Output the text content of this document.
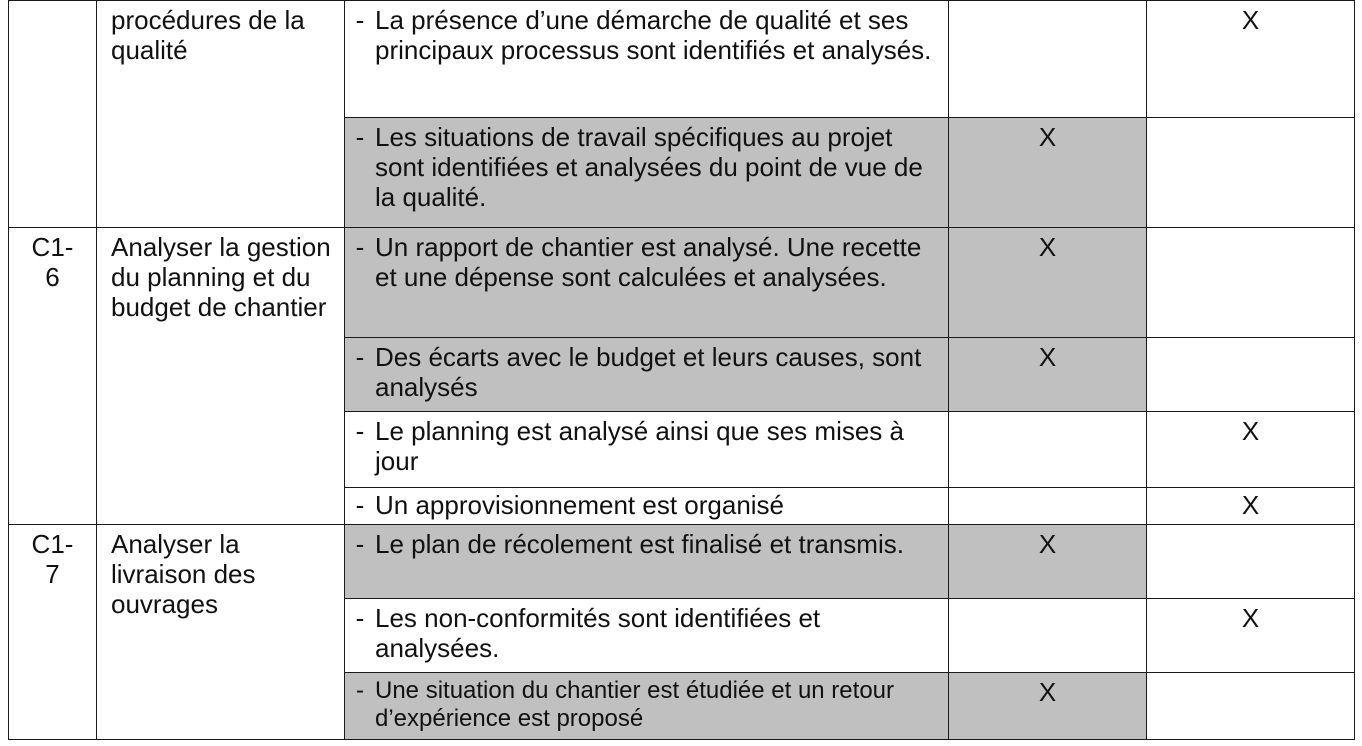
	procédures de la qualité	- La présence d’une démarche de qualité et ses principaux processus sont identifiés et analysés.		X

		- Les situations de travail spécifiques au projet sont identifiées et analysées du point de vue de la qualité.	X	
C1-6	Analyser la gestion du planning et du budget de chantier	- Un rapport de chantier est analysé. Une recette et une dépense sont calculées et analysées.	X	

		- Des écarts avec le budget et leurs causes, sont analysés	X	

		- Le planning est analysé ainsi que ses mises à jour		X

		- Un approvisionnement est organisé		X
C1-7	Analyser la livraison des ouvrages	- Le plan de récolement est finalisé et transmis.	X	

		- Les non-conformités sont identifiées et analysées.		X

		- Une situation du chantier est étudiée et un retour d’expérience est proposé	X	
